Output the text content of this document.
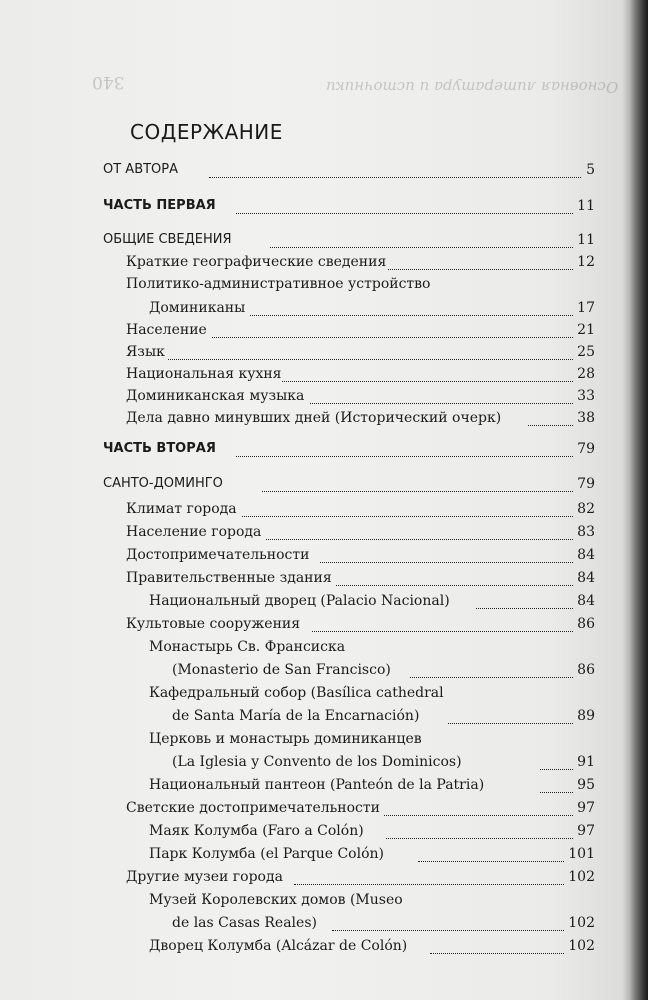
340	Основная литература и источники
СОДЕРЖАНИЕ
ОТ АВТОРА	5
ЧАСТЬ ПЕРВАЯ	11
ОБЩИЕ СВЕДЕНИЯ	11
Краткие географические сведения	12
Политико-административное устройство
Доминиканы	17
Население	21
Язык	25
Национальная кухня	28
Доминиканская музыка	33
Дела давно минувших дней (Исторический очерк)	38
ЧАСТЬ ВТОРАЯ	79
САНТО-ДОМИНГО	79
Климат города	82
Население города	83
Достопримечательности	84
Правительственные здания	84
Национальный дворец (Palacio Nacional)	84
Культовые сооружения	86
Монастырь Св. Франсиска
(Monasterio de San Francisco)	86
Кафедральный собор (Basílica cathedral
de Santa María de la Encarnación)	89
Церковь и монастырь доминиканцев
(La Iglesia y Convento de los Dominicos)	91
Национальный пантеон (Panteón de la Patria)	95
Светские достопримечательности	97
Маяк Колумба (Faro a Colón)	97
Парк Колумба (el Parque Colón)	101
Другие музеи города	102
Музей Королевских домов (Museo
de las Casas Reales)	102
Дворец Колумба (Alcázar de Colón)	102
